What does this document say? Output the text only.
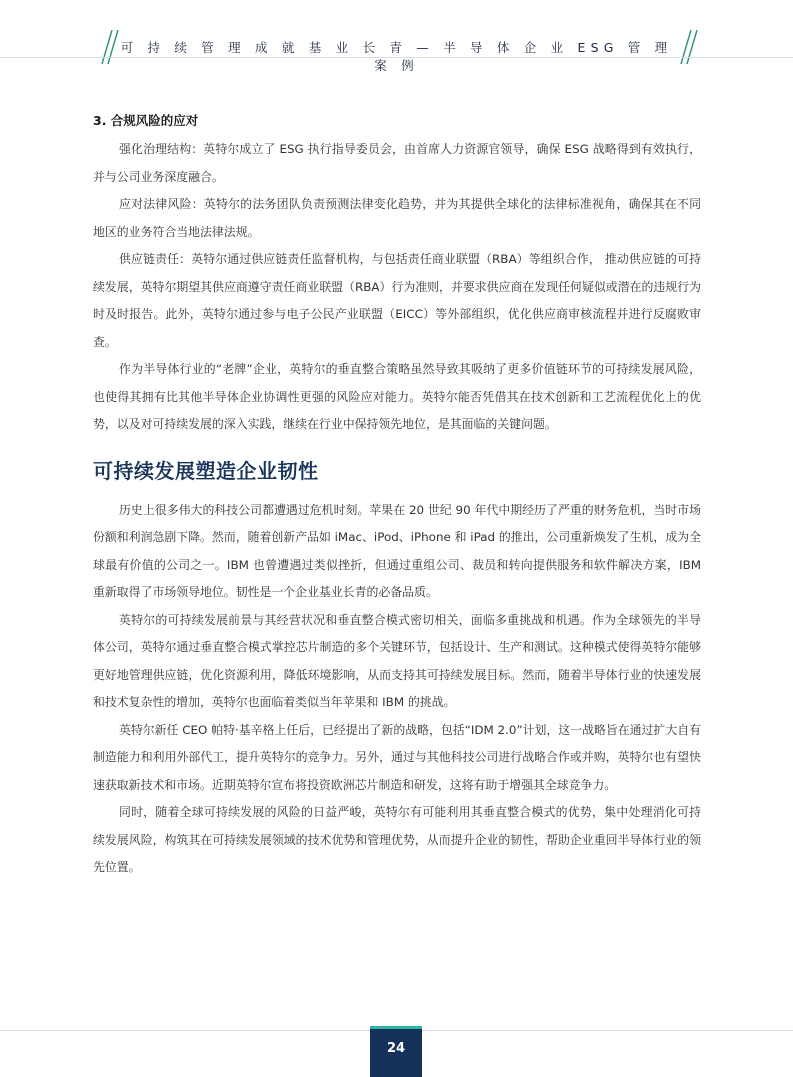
可 持 续 管 理 成 就 基 业 长 青 — 半 导 体 企 业 ESG 管 理 案 例
3. 合规风险的应对

强化治理结构：英特尔成立了 ESG 执行指导委员会，由首席人力资源官领导，确保 ESG 战略得到有效执行，并与公司业务深度融合。

应对法律风险：英特尔的法务团队负责预测法律变化趋势，并为其提供全球化的法律标准视角，确保其在不同地区的业务符合当地法律法规。

供应链责任：英特尔通过供应链责任监督机构，与包括责任商业联盟（RBA）等组织合作， 推动供应链的可持续发展，英特尔期望其供应商遵守责任商业联盟（RBA）行为准则，并要求供应商在发现任何疑似或潜在的违规行为时及时报告。此外，英特尔通过参与电子公民产业联盟（EICC）等外部组织，优化供应商审核流程并进行反腐败审查。

作为半导体行业的“老牌”企业，英特尔的垂直整合策略虽然导致其吸纳了更多价值链环节的可持续发展风险，也使得其拥有比其他半导体企业协调性更强的风险应对能力。英特尔能否凭借其在技术创新和工艺流程优化上的优势，以及对可持续发展的深入实践，继续在行业中保持领先地位，是其面临的关键问题。

可持续发展塑造企业韧性

历史上很多伟大的科技公司都遭遇过危机时刻。苹果在 20 世纪 90 年代中期经历了严重的财务危机，当时市场份额和利润急剧下降。然而，随着创新产品如 iMac、iPod、iPhone 和 iPad 的推出，公司重新焕发了生机，成为全球最有价值的公司之一。IBM 也曾遭遇过类似挫折，但通过重组公司、裁员和转向提供服务和软件解决方案，IBM 重新取得了市场领导地位。韧性是一个企业基业长青的必备品质。

英特尔的可持续发展前景与其经营状况和垂直整合模式密切相关，面临多重挑战和机遇。作为全球领先的半导体公司，英特尔通过垂直整合模式掌控芯片制造的多个关键环节，包括设计、生产和测试。这种模式使得英特尔能够更好地管理供应链，优化资源利用，降低环境影响，从而支持其可持续发展目标。然而，随着半导体行业的快速发展和技术复杂性的增加，英特尔也面临着类似当年苹果和 IBM 的挑战。

英特尔新任 CEO 帕特·基辛格上任后，已经提出了新的战略，包括“IDM 2.0”计划，这一战略旨在通过扩大自有制造能力和利用外部代工，提升英特尔的竞争力。另外，通过与其他科技公司进行战略合作或并购，英特尔也有望快速获取新技术和市场。近期英特尔宣布将投资欧洲芯片制造和研发，这将有助于增强其全球竞争力。

同时，随着全球可持续发展的风险的日益严峻，英特尔有可能利用其垂直整合模式的优势，集中处理消化可持续发展风险，构筑其在可持续发展领域的技术优势和管理优势，从而提升企业的韧性，帮助企业重回半导体行业的领先位置。

24
